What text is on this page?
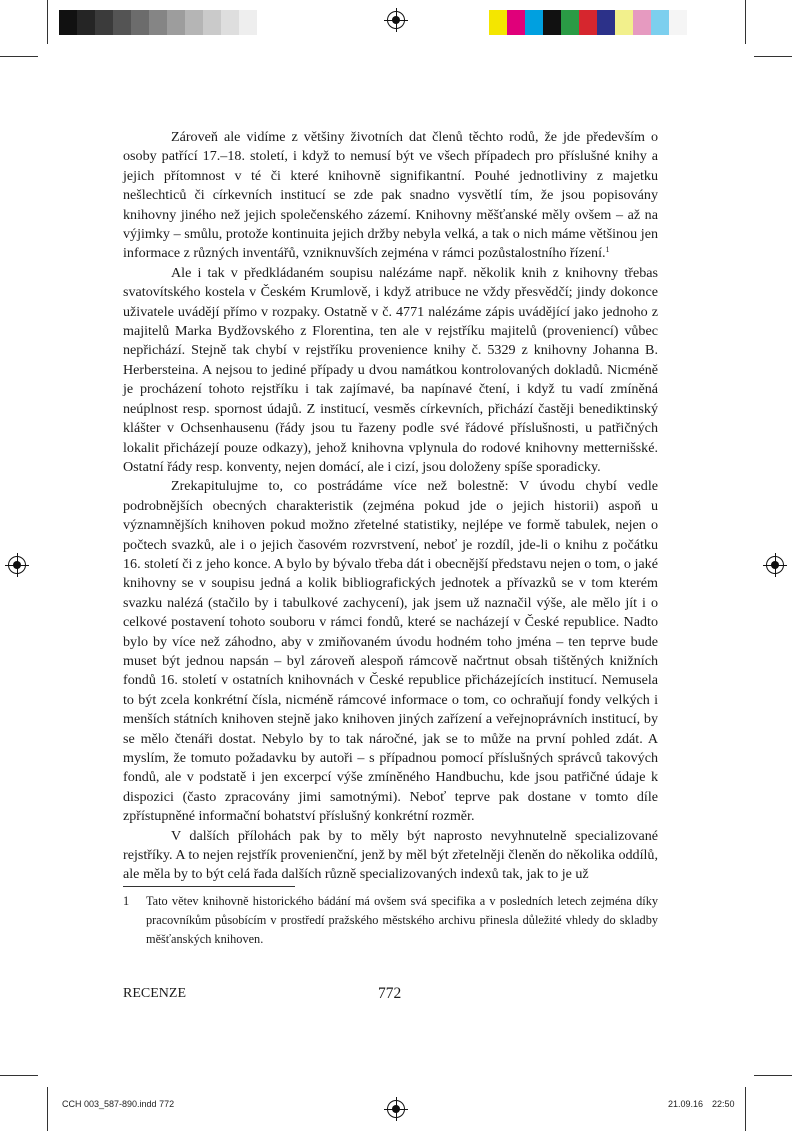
Zároveň ale vidíme z většiny životních dat členů těchto rodů, že jde především o osoby patřící 17.–18. století, i když to nemusí být ve všech případech pro příslušné knihy a jejich přítomnost v té či které knihovně signifikantní. Pouhé jednotliviny z majetku nešlechticů či církevních institucí se zde pak snadno vysvětlí tím, že jsou popisovány knihovny jiného než jejich společenského zázemí. Knihovny měšťanské měly ovšem – až na výjimky – smůlu, protože kontinuita jejich držby nebyla velká, a tak o nich máme většinou jen informace z různých inventářů, vzniknuvších zejména v rámci pozůstalostního řízení.$^1$

Ale i tak v předkládaném soupisu nalézáme např. několik knih z knihovny třebas svatovítského kostela v Českém Krumlově, i když atribuce ne vždy přesvědčí; jindy dokonce uživatele uvádějí přímo v rozpaky. Ostatně v č. 4771 nalézáme zápis uvádějící jako jednoho z majitelů Marka Bydžovského z Florentina, ten ale v rejstříku majitelů (proveniencí) vůbec nepřichází. Stejně tak chybí v rejstříku provenience knihy č. 5329 z knihovny Johanna B. Herbersteina. A nejsou to jediné případy u dvou namátkou kontrolovaných dokladů. Nicméně je procházení tohoto rejstříku i tak zajímavé, ba napínavé čtení, i když tu vadí zmíněná neúplnost resp. spornost údajů. Z institucí, vesměs církevních, přichází častěji benediktinský klášter v Ochsenhausenu (řády jsou tu řazeny podle své řádové příslušnosti, u patřičných lokalit přicházejí pouze odkazy), jehož knihovna vplynula do rodové knihovny metternišské. Ostatní řády resp. konventy, nejen domácí, ale i cizí, jsou doloženy spíše sporadicky.

Zrekapitulujme to, co postrádáme více než bolestně: V úvodu chybí vedle podrobnějších obecných charakteristik (zejména pokud jde o jejich historii) aspoň u významnějších knihoven pokud možno zřetelné statistiky, nejlépe ve formě tabulek, nejen o počtech svazků, ale i o jejich časovém rozvrstvení, neboť je rozdíl, jde-li o knihu z počátku 16. století či z jeho konce. A bylo by bývalo třeba dát i obecnější představu nejen o tom, o jaké knihovny se v soupisu jedná a kolik bibliografických jednotek a přívazků se v tom kterém svazku nalézá (stačilo by i tabulkové zachycení), jak jsem už naznačil výše, ale mělo jít i o celkové postavení tohoto souboru v rámci fondů, které se nacházejí v České republice. Nadto bylo by více než záhodno, aby v zmiňovaném úvodu hodném toho jména – ten teprve bude muset být jednou napsán – byl zároveň alespoň rámcově načrtnut obsah tištěných knižních fondů 16. století v ostatních knihovnách v České republice přicházejících institucí. Nemusela to být zcela konkrétní čísla, nicméně rámcové informace o tom, co ochraňují fondy velkých i menších státních knihoven stejně jako knihoven jiných zařízení a veřejnoprávních institucí, by se mělo čtenáři dostat. Nebylo by to tak náročné, jak se to může na první pohled zdát. A myslím, že tomuto požadavku by autoři – s případnou pomocí příslušných správců takových fondů, ale v podstatě i jen excerpcí výše zmíněného Handbuchu, kde jsou patřičné údaje k dispozici (často zpracovány jimi samotnými). Neboť teprve pak dostane v tomto díle zpřístupněné informační bohatství příslušný konkrétní rozměr.

V dalších přílohách pak by to měly být naprosto nevyhnutelně specializované rejstříky. A to nejen rejstřík provenienční, jenž by měl být zřetelněji členěn do několika oddílů, ale měla by to být celá řada dalších různě specializovaných indexů tak, jak to je už

1	Tato větev knihovně historického bádání má ovšem svá specifika a v posledních letech zejména díky pracovníkům působícím v prostředí pražského městského archivu přinesla důležité vhledy do skladby měšťanských knihoven.
RECENZE	772
CCH 003_587-890.indd 772	21.09.16 22:50
